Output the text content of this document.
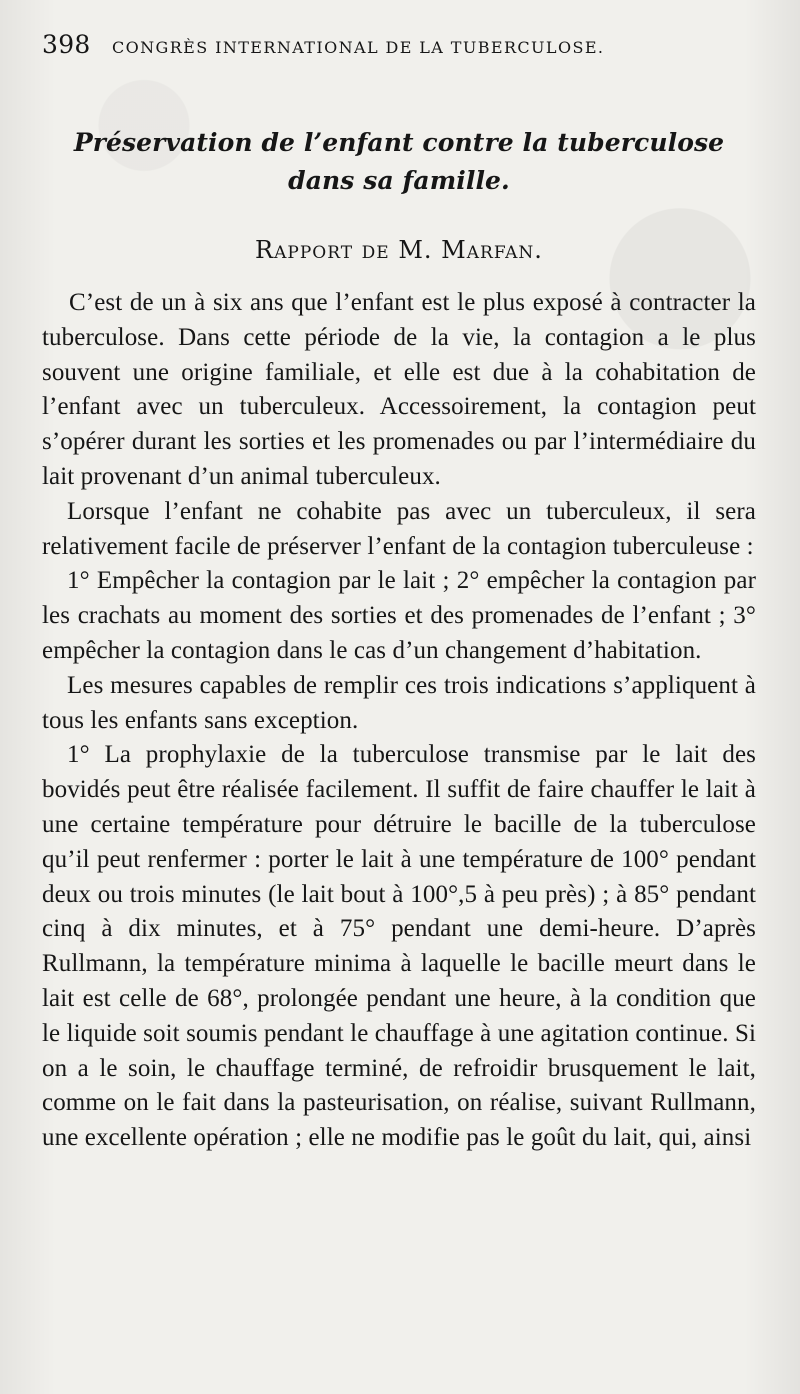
398	CONGRÈS INTERNATIONAL DE LA TUBERCULOSE.
Préservation de l’enfant contre la tuberculose dans sa famille.
Rapport de M. Marfan.

C’est de un à six ans que l’enfant est le plus exposé à contracter la tuberculose. Dans cette période de la vie, la contagion a le plus souvent une origine familiale, et elle est due à la cohabitation de l’enfant avec un tuberculeux. Accessoirement, la contagion peut s’opérer durant les sorties et les promenades ou par l’intermédiaire du lait provenant d’un animal tuberculeux.

Lorsque l’enfant ne cohabite pas avec un tuberculeux, il sera relativement facile de préserver l’enfant de la contagion tuberculeuse :

1° Empêcher la contagion par le lait ; 2° empêcher la contagion par les crachats au moment des sorties et des promenades de l’enfant ; 3° empêcher la contagion dans le cas d’un changement d’habitation.

Les mesures capables de remplir ces trois indications s’appliquent à tous les enfants sans exception.

1° La prophylaxie de la tuberculose transmise par le lait des bovidés peut être réalisée facilement. Il suffit de faire chauffer le lait à une certaine température pour détruire le bacille de la tuberculose qu’il peut renfermer : porter le lait à une température de 100° pendant deux ou trois minutes (le lait bout à 100°,5 à peu près) ; à 85° pendant cinq à dix minutes, et à 75° pendant une demi-heure. D’après Rullmann, la température minima à laquelle le bacille meurt dans le lait est celle de 68°, prolongée pendant une heure, à la condition que le liquide soit soumis pendant le chauffage à une agitation continue. Si on a le soin, le chauffage terminé, de refroidir brusquement le lait, comme on le fait dans la pasteurisation, on réalise, suivant Rullmann, une excellente opération ; elle ne modifie pas le goût du lait, qui, ainsi
